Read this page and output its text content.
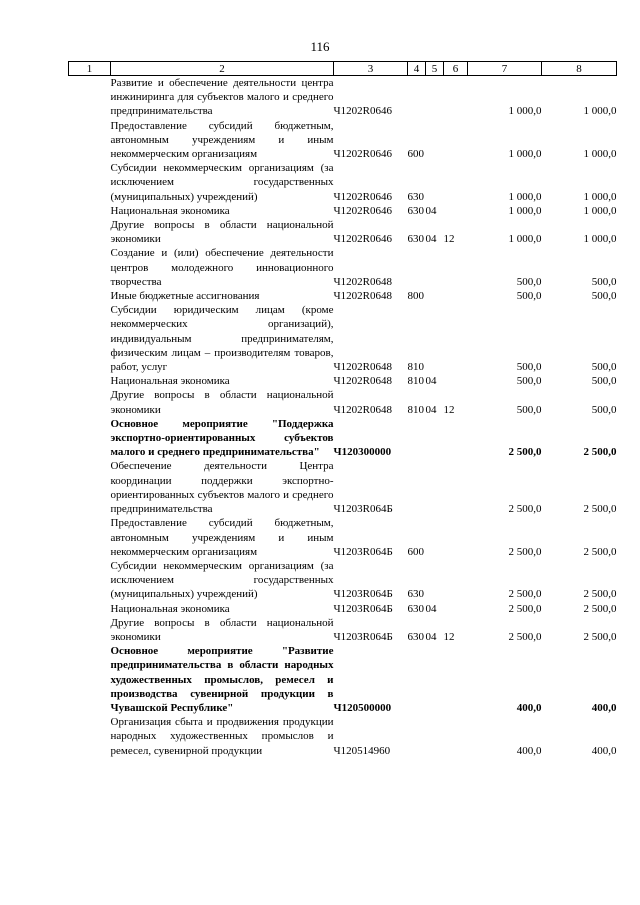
116
1	2	3	4	5	6	7	8
	Развитие и обеспечение деятельности центра инжиниринга для субъектов малого и среднего предпринимательства	Ч1202R0646				1 000,0	1 000,0
	Предоставление субсидий бюджетным, автономным учреждениям и иным некоммерческим организациям	Ч1202R0646	600			1 000,0	1 000,0
	Субсидии некоммерческим организациям (за исключением государственных (муниципальных) учреждений)	Ч1202R0646	630			1 000,0	1 000,0
	Национальная экономика	Ч1202R0646	630	04		1 000,0	1 000,0
	Другие вопросы в области национальной экономики	Ч1202R0646	630	04	12	1 000,0	1 000,0
	Создание и (или) обеспечение деятельности центров молодежного инновационного творчества	Ч1202R0648				500,0	500,0
	Иные бюджетные ассигнования	Ч1202R0648	800			500,0	500,0
	Субсидии юридическим лицам (кроме некоммерческих организаций), индивидуальным предпринимателям, физическим лицам – производителям товаров, работ, услуг	Ч1202R0648	810			500,0	500,0
	Национальная экономика	Ч1202R0648	810	04		500,0	500,0
	Другие вопросы в области национальной экономики	Ч1202R0648	810	04	12	500,0	500,0
	Основное мероприятие "Поддержка экспортно-ориентированных субъектов малого и среднего предпринимательства"	Ч120300000				2 500,0	2 500,0
	Обеспечение деятельности Центра координации поддержки экспортно-ориентированных субъектов малого и среднего предпринимательства	Ч1203R064Б				2 500,0	2 500,0
	Предоставление субсидий бюджетным, автономным учреждениям и иным некоммерческим организациям	Ч1203R064Б	600			2 500,0	2 500,0
	Субсидии некоммерческим организациям (за исключением государственных (муниципальных) учреждений)	Ч1203R064Б	630			2 500,0	2 500,0
	Национальная экономика	Ч1203R064Б	630	04		2 500,0	2 500,0
	Другие вопросы в области национальной экономики	Ч1203R064Б	630	04	12	2 500,0	2 500,0
	Основное мероприятие "Развитие предпринимательства в области народных художественных промыслов, ремесел и производства сувенирной продукции в Чувашской Республике"	Ч120500000				400,0	400,0
	Организация сбыта и продвижения продукции народных художественных промыслов и ремесел, сувенирной продукции	Ч120514960				400,0	400,0
